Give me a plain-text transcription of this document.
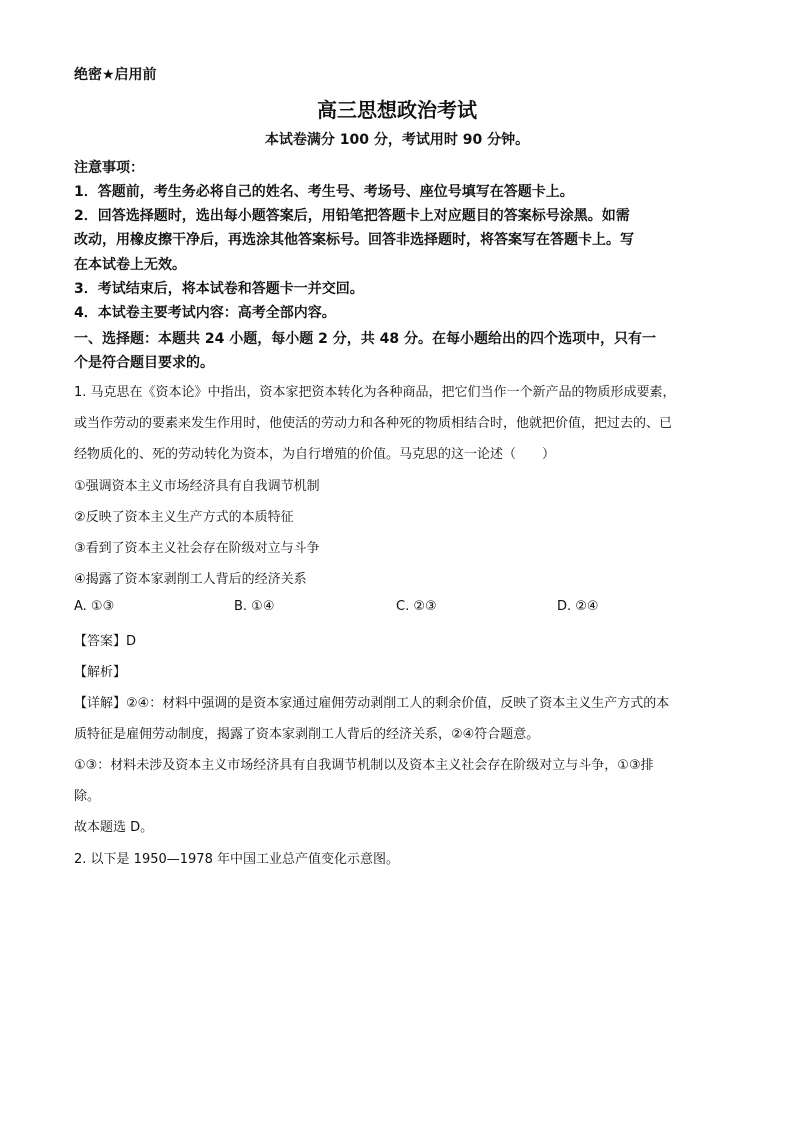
绝密★启用前
高三思想政治考试
本试卷满分 100 分，考试用时 90 分钟。
注意事项：
1．答题前，考生务必将自己的姓名、考生号、考场号、座位号填写在答题卡上。
2．回答选择题时，选出每小题答案后，用铅笔把答题卡上对应题目的答案标号涂黑。如需
改动，用橡皮擦干净后，再选涂其他答案标号。回答非选择题时，将答案写在答题卡上。写
在本试卷上无效。
3．考试结束后，将本试卷和答题卡一并交回。
4．本试卷主要考试内容：高考全部内容。
一、选择题：本题共 24 小题，每小题 2 分，共 48 分。在每小题给出的四个选项中，只有一
个是符合题目要求的。
1. 马克思在《资本论》中指出，资本家把资本转化为各种商品，把它们当作一个新产品的物质形成要素，
或当作劳动的要素来发生作用时，他使活的劳动力和各种死的物质相结合时，他就把价值，把过去的、已
经物质化的、死的劳动转化为资本，为自行增殖的价值。马克思的这一论述（　　）
①强调资本主义市场经济具有自我调节机制
②反映了资本主义生产方式的本质特征
③看到了资本主义社会存在阶级对立与斗争
④揭露了资本家剥削工人背后的经济关系
A. ①③	B. ①④	C. ②③	D. ②④
【答案】D
【解析】
【详解】②④：材料中强调的是资本家通过雇佣劳动剥削工人的剩余价值，反映了资本主义生产方式的本
质特征是雇佣劳动制度，揭露了资本家剥削工人背后的经济关系，②④符合题意。
①③：材料未涉及资本主义市场经济具有自我调节机制以及资本主义社会存在阶级对立与斗争，①③排
除。
故本题选 D。
2. 以下是 1950—1978 年中国工业总产值变化示意图。
